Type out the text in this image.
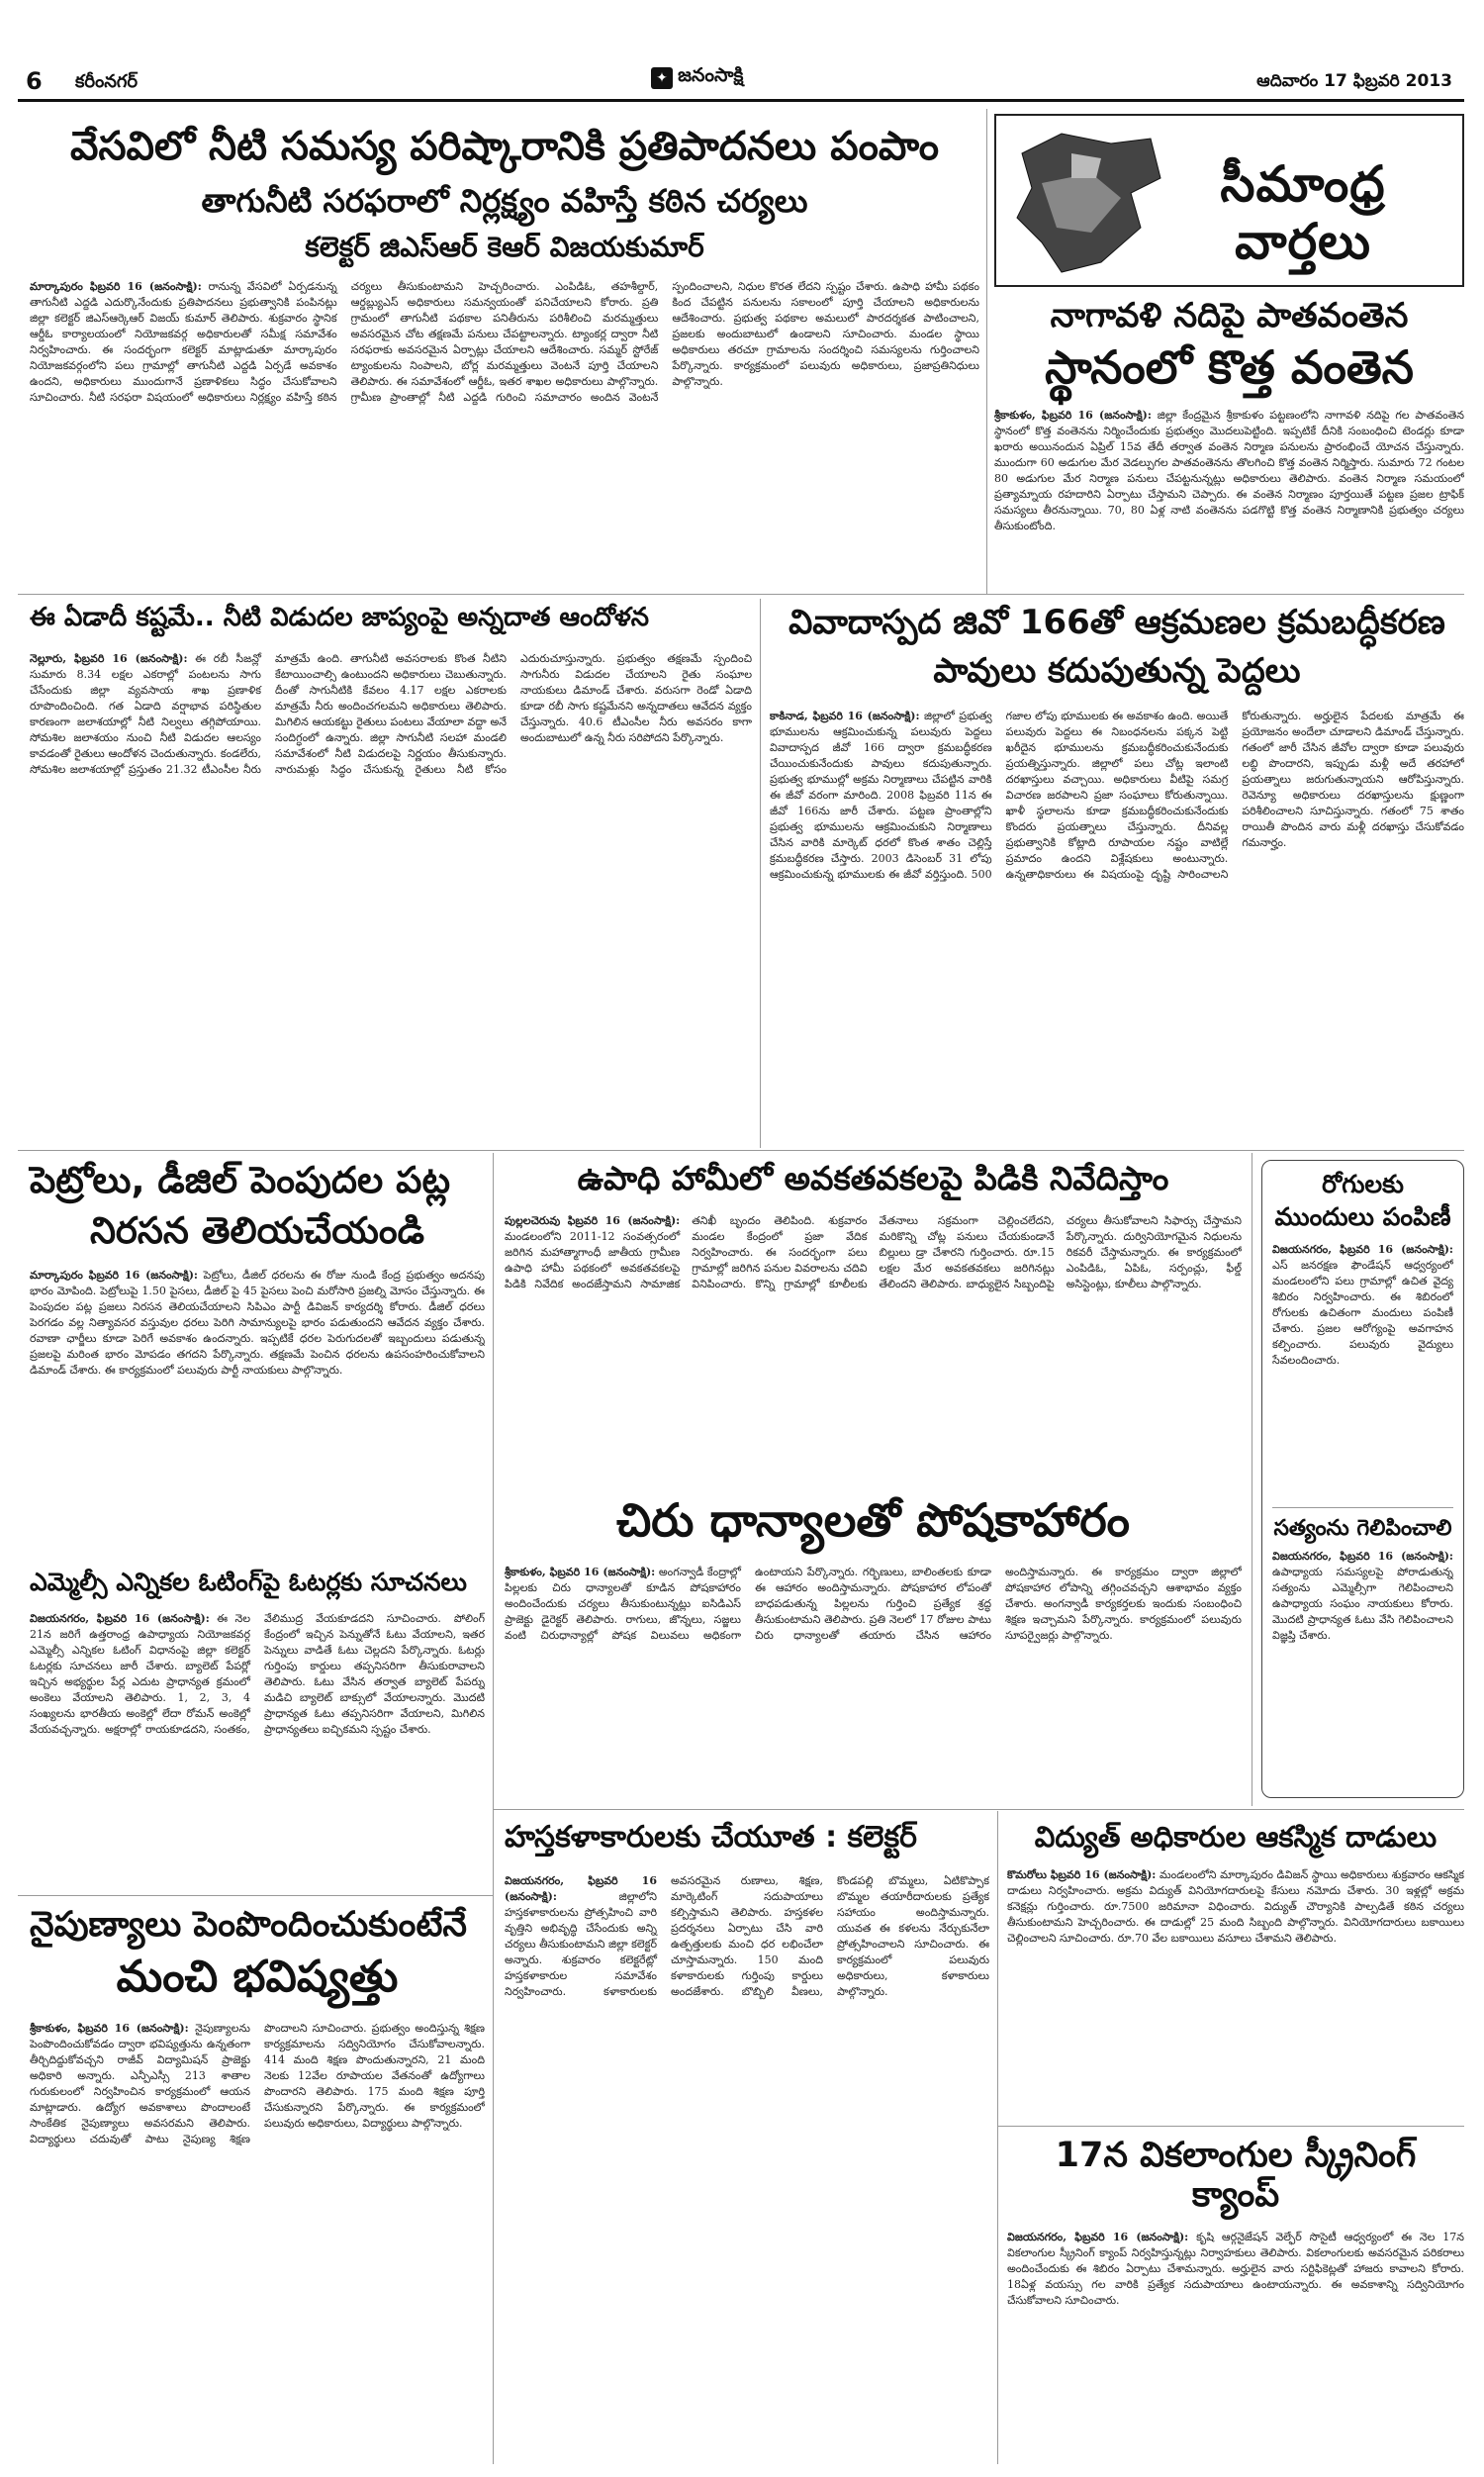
6 కరీంనగర్	✦ జనంసాక్షి	ఆదివారం 17 ఫిబ్రవరి 2013
వేసవిలో నీటి సమస్య పరిష్కారానికి ప్రతిపాదనలు పంపాం
తాగునీటి సరఫరాలో నిర్లక్ష్యం వహిస్తే కఠిన చర్యలు
కలెక్టర్ జిఎస్ఆర్ కెఆర్ విజయకుమార్
మార్కాపురం ఫిబ్రవరి 16 (జనంసాక్షి): రానున్న వేసవిలో ఏర్పడనున్న తాగునీటి ఎద్దడి ఎదుర్కొనేందుకు ప్రతిపాదనలు ప్రభుత్వానికి పంపినట్లు జిల్లా కలెక్టర్ జిఎస్ఆర్కెఆర్ విజయ్ కుమార్ తెలిపారు. శుక్రవారం స్థానిక ఆర్డీఓ కార్యాలయంలో నియోజకవర్గ అధికారులతో సమీక్ష సమావేశం నిర్వహించారు. ఈ సందర్భంగా కలెక్టర్ మాట్లాడుతూ మార్కాపురం నియోజకవర్గంలోని పలు గ్రామాల్లో తాగునీటి ఎద్దడి ఏర్పడే అవకాశం ఉందని, అధికారులు ముందుగానే ప్రణాళికలు సిద్ధం చేసుకోవాలని సూచించారు. నీటి సరఫరా విషయంలో అధికారులు నిర్లక్ష్యం వహిస్తే కఠిన చర్యలు తీసుకుంటామని హెచ్చరించారు. ఎంపిడిఓ, తహశీల్దార్, ఆర్డబ్ల్యుఎస్ అధికారులు సమన్వయంతో పనిచేయాలని కోరారు. ప్రతి గ్రామంలో తాగునీటి పథకాల పనితీరును పరిశీలించి మరమ్మత్తులు అవసరమైన చోట తక్షణమే పనులు చేపట్టాలన్నారు. ట్యాంకర్ల ద్వారా నీటి సరఫరాకు అవసరమైన ఏర్పాట్లు చేయాలని ఆదేశించారు. సమ్మర్ స్టోరేజ్ ట్యాంకులను నింపాలని, బోర్ల మరమ్మత్తులు వెంటనే పూర్తి చేయాలని తెలిపారు. ఈ సమావేశంలో ఆర్డీఓ, ఇతర శాఖల అధికారులు పాల్గొన్నారు. గ్రామీణ ప్రాంతాల్లో నీటి ఎద్దడి గురించి సమాచారం అందిన వెంటనే స్పందించాలని, నిధుల కొరత లేదని స్పష్టం చేశారు. ఉపాధి హామీ పథకం కింద చేపట్టిన పనులను సకాలంలో పూర్తి చేయాలని అధికారులను ఆదేశించారు. ప్రభుత్వ పథకాల అమలులో పారదర్శకత పాటించాలని, ప్రజలకు అందుబాటులో ఉండాలని సూచించారు. మండల స్థాయి అధికారులు తరచూ గ్రామాలను సందర్శించి సమస్యలను గుర్తించాలని పేర్కొన్నారు. కార్యక్రమంలో పలువురు అధికారులు, ప్రజాప్రతినిధులు పాల్గొన్నారు.
సీమాంధ్ర వార్తలు
నాగావళి నదిపై పాతవంతెన
స్థానంలో కొత్త వంతెన
శ్రీకాకుళం, ఫిబ్రవరి 16 (జనంసాక్షి): జిల్లా కేంద్రమైన శ్రీకాకుళం పట్టణంలోని నాగావళి నదిపై గల పాతవంతెన స్థానంలో కొత్త వంతెనను నిర్మించేందుకు ప్రభుత్వం మొదలుపెట్టింది. ఇప్పటికే దీనికి సంబంధించి టెండర్లు కూడా ఖరారు అయినందున ఏప్రిల్ 15వ తేదీ తర్వాత వంతెన నిర్మాణ పనులను ప్రారంభించే యోచన చేస్తున్నారు. ముందుగా 60 అడుగుల మేర వెడల్పుగల పాతవంతెనను తొలగించి కొత్త వంతెన నిర్మిస్తారు. సుమారు 72 గంటల 80 అడుగుల మేర నిర్మాణ పనులు చేపట్టనున్నట్లు అధికారులు తెలిపారు. వంతెన నిర్మాణ సమయంలో ప్రత్యామ్నాయ రహదారిని ఏర్పాటు చేస్తామని చెప్పారు. ఈ వంతెన నిర్మాణం పూర్తయితే పట్టణ ప్రజల ట్రాఫిక్ సమస్యలు తీరనున్నాయి. 70, 80 ఏళ్ల నాటి వంతెనను పడగొట్టి కొత్త వంతెన నిర్మాణానికి ప్రభుత్వం చర్యలు తీసుకుంటోంది.
ఈ ఏడాదీ కష్టమే.. నీటి విడుదల జాప్యంపై అన్నదాత ఆందోళన
నెల్లూరు, ఫిబ్రవరి 16 (జనంసాక్షి): ఈ రబీ సీజన్లో సుమారు 8.34 లక్షల ఎకరాల్లో పంటలను సాగు చేసేందుకు జిల్లా వ్యవసాయ శాఖ ప్రణాళిక రూపొందించింది. గత ఏడాది వర్షాభావ పరిస్థితుల కారణంగా జలాశయాల్లో నీటి నిల్వలు తగ్గిపోయాయి. సోమశిల జలాశయం నుంచి నీటి విడుదల ఆలస్యం కావడంతో రైతులు ఆందోళన చెందుతున్నారు. కండలేరు, సోమశిల జలాశయాల్లో ప్రస్తుతం 21.32 టీఎంసీల నీరు మాత్రమే ఉంది. తాగునీటి అవసరాలకు కొంత నీటిని కేటాయించాల్సి ఉంటుందని అధికారులు చెబుతున్నారు. దీంతో సాగునీటికి కేవలం 4.17 లక్షల ఎకరాలకు మాత్రమే నీరు అందించగలమని అధికారులు తెలిపారు. మిగిలిన ఆయకట్టు రైతులు పంటలు వేయాలా వద్దా అనే సందిగ్ధంలో ఉన్నారు. జిల్లా సాగునీటి సలహా మండలి సమావేశంలో నీటి విడుదలపై నిర్ణయం తీసుకున్నారు. నారుమళ్లు సిద్ధం చేసుకున్న రైతులు నీటి కోసం ఎదురుచూస్తున్నారు. ప్రభుత్వం తక్షణమే స్పందించి సాగునీరు విడుదల చేయాలని రైతు సంఘాల నాయకులు డిమాండ్ చేశారు. వరుసగా రెండో ఏడాది కూడా రబీ సాగు కష్టమేనని అన్నదాతలు ఆవేదన వ్యక్తం చేస్తున్నారు. 40.6 టీఎంసీల నీరు అవసరం కాగా అందుబాటులో ఉన్న నీరు సరిపోదని పేర్కొన్నారు.
వివాదాస్పద జివో 166తో ఆక్రమణల క్రమబద్ధీకరణ
పావులు కదుపుతున్న పెద్దలు
కాకినాడ, ఫిబ్రవరి 16 (జనంసాక్షి): జిల్లాలో ప్రభుత్వ భూములను ఆక్రమించుకున్న పలువురు పెద్దలు వివాదాస్పద జీవో 166 ద్వారా క్రమబద్ధీకరణ చేయించుకునేందుకు పావులు కదుపుతున్నారు. ప్రభుత్వ భూముల్లో అక్రమ నిర్మాణాలు చేపట్టిన వారికి ఈ జీవో వరంగా మారింది. 2008 ఫిబ్రవరి 11న ఈ జీవో 166ను జారీ చేశారు. పట్టణ ప్రాంతాల్లోని ప్రభుత్వ భూములను ఆక్రమించుకుని నిర్మాణాలు చేసిన వారికి మార్కెట్ ధరలో కొంత శాతం చెల్లిస్తే క్రమబద్ధీకరణ చేస్తారు. 2003 డిసెంబర్ 31 లోపు ఆక్రమించుకున్న భూములకు ఈ జీవో వర్తిస్తుంది. 500 గజాల లోపు భూములకు ఈ అవకాశం ఉంది. అయితే పలువురు పెద్దలు ఈ నిబంధనలను పక్కన పెట్టి ఖరీదైన భూములను క్రమబద్ధీకరించుకునేందుకు ప్రయత్నిస్తున్నారు. జిల్లాలో పలు చోట్ల ఇలాంటి దరఖాస్తులు వచ్చాయి. అధికారులు వీటిపై సమగ్ర విచారణ జరపాలని ప్రజా సంఘాలు కోరుతున్నాయి. ఖాళీ స్థలాలను కూడా క్రమబద్ధీకరించుకునేందుకు కొందరు ప్రయత్నాలు చేస్తున్నారు. దీనివల్ల ప్రభుత్వానికి కోట్లాది రూపాయల నష్టం వాటిల్లే ప్రమాదం ఉందని విశ్లేషకులు అంటున్నారు. ఉన్నతాధికారులు ఈ విషయంపై దృష్టి సారించాలని కోరుతున్నారు. అర్హులైన పేదలకు మాత్రమే ఈ ప్రయోజనం అందేలా చూడాలని డిమాండ్ చేస్తున్నారు. గతంలో జారీ చేసిన జీవోల ద్వారా కూడా పలువురు లబ్ధి పొందారని, ఇప్పుడు మళ్లీ అదే తరహాలో ప్రయత్నాలు జరుగుతున్నాయని ఆరోపిస్తున్నారు. రెవెన్యూ అధికారులు దరఖాస్తులను క్షుణ్ణంగా పరిశీలించాలని సూచిస్తున్నారు. గతంలో 75 శాతం రాయితీ పొందిన వారు మళ్లీ దరఖాస్తు చేసుకోవడం గమనార్హం.
పెట్రోలు, డీజిల్ పెంపుదల పట్ల
నిరసన తెలియచేయండి
మార్కాపురం ఫిబ్రవరి 16 (జనంసాక్షి): పెట్రోలు, డీజిల్ ధరలను ఈ రోజు నుండి కేంద్ర ప్రభుత్వం అదనపు భారం మోపింది. పెట్రోలుపై 1.50 పైసలు, డీజిల్ పై 45 పైసలు పెంచి మరోసారి ప్రజల్ని మోసం చేస్తున్నారు. ఈ పెంపుదల పట్ల ప్రజలు నిరసన తెలియచేయాలని సిపిఎం పార్టీ డివిజన్ కార్యదర్శి కోరారు. డీజిల్ ధరలు పెరగడం వల్ల నిత్యావసర వస్తువుల ధరలు పెరిగి సామాన్యులపై భారం పడుతుందని ఆవేదన వ్యక్తం చేశారు. రవాణా ఛార్జీలు కూడా పెరిగే అవకాశం ఉందన్నారు. ఇప్పటికే ధరల పెరుగుదలతో ఇబ్బందులు పడుతున్న ప్రజలపై మరింత భారం మోపడం తగదని పేర్కొన్నారు. తక్షణమే పెంచిన ధరలను ఉపసంహరించుకోవాలని డిమాండ్ చేశారు. ఈ కార్యక్రమంలో పలువురు పార్టీ నాయకులు పాల్గొన్నారు.
ఎమ్మెల్సీ ఎన్నికల ఓటింగ్‌పై ఓటర్లకు సూచనలు
విజయనగరం, ఫిబ్రవరి 16 (జనంసాక్షి): ఈ నెల 21న జరిగే ఉత్తరాంధ్ర ఉపాధ్యాయ నియోజకవర్గ ఎమ్మెల్సీ ఎన్నికల ఓటింగ్ విధానంపై జిల్లా కలెక్టర్ ఓటర్లకు సూచనలు జారీ చేశారు. బ్యాలెట్ పేపర్లో ఇచ్చిన అభ్యర్థుల పేర్ల ఎదుట ప్రాధాన్యత క్రమంలో అంకెలు వేయాలని తెలిపారు. 1, 2, 3, 4 సంఖ్యలను భారతీయ అంకెల్లో లేదా రోమన్ అంకెల్లో వేయవచ్చన్నారు. అక్షరాల్లో రాయకూడదని, సంతకం, వేలిముద్ర వేయకూడదని సూచించారు. పోలింగ్ కేంద్రంలో ఇచ్చిన పెన్నుతోనే ఓటు వేయాలని, ఇతర పెన్నులు వాడితే ఓటు చెల్లదని పేర్కొన్నారు. ఓటర్లు గుర్తింపు కార్డులు తప్పనిసరిగా తీసుకురావాలని తెలిపారు. ఓటు వేసిన తర్వాత బ్యాలెట్ పేపర్ను మడిచి బ్యాలెట్ బాక్సులో వేయాలన్నారు. మొదటి ప్రాధాన్యత ఓటు తప్పనిసరిగా వేయాలని, మిగిలిన ప్రాధాన్యతలు ఐచ్ఛికమని స్పష్టం చేశారు.
నైపుణ్యాలు పెంపొందించుకుంటేనే
మంచి భవిష్యత్తు
శ్రీకాకుళం, ఫిబ్రవరి 16 (జనంసాక్షి): నైపుణ్యాలను పెంపొందించుకోవడం ద్వారా భవిష్యత్తును ఉన్నతంగా తీర్చిదిద్దుకోవచ్చని రాజీవ్ విద్యామిషన్ ప్రాజెక్టు అధికారి అన్నారు. ఎన్పీఎస్సీ 213 శాతాల గురుకులంలో నిర్వహించిన కార్యక్రమంలో ఆయన మాట్లాడారు. ఉద్యోగ అవకాశాలు పొందాలంటే సాంకేతిక నైపుణ్యాలు అవసరమని తెలిపారు. విద్యార్థులు చదువుతో పాటు నైపుణ్య శిక్షణ పొందాలని సూచించారు. ప్రభుత్వం అందిస్తున్న శిక్షణ కార్యక్రమాలను సద్వినియోగం చేసుకోవాలన్నారు. 414 మంది శిక్షణ పొందుతున్నారని, 21 మంది నెలకు 12వేల రూపాయల వేతనంతో ఉద్యోగాలు పొందారని తెలిపారు. 175 మంది శిక్షణ పూర్తి చేసుకున్నారని పేర్కొన్నారు. ఈ కార్యక్రమంలో పలువురు అధికారులు, విద్యార్థులు పాల్గొన్నారు.
ఉపాధి హామీలో అవకతవకలపై పిడికి నివేదిస్తాం
పుల్లలచెరువు ఫిబ్రవరి 16 (జనంసాక్షి): మండలంలోని 2011-12 సంవత్సరంలో జరిగిన మహాత్మాగాంధీ జాతీయ గ్రామీణ ఉపాధి హామీ పథకంలో అవకతవకలపై పిడికి నివేదిక అందజేస్తామని సామాజిక తనిఖీ బృందం తెలిపింది. శుక్రవారం మండల కేంద్రంలో ప్రజా వేదిక నిర్వహించారు. ఈ సందర్భంగా పలు గ్రామాల్లో జరిగిన పనుల వివరాలను చదివి వినిపించారు. కొన్ని గ్రామాల్లో కూలీలకు వేతనాలు సక్రమంగా చెల్లించలేదని, మరికొన్ని చోట్ల పనులు చేయకుండానే బిల్లులు డ్రా చేశారని గుర్తించారు. రూ.15 లక్షల మేర అవకతవకలు జరిగినట్లు తేలిందని తెలిపారు. బాధ్యులైన సిబ్బందిపై చర్యలు తీసుకోవాలని సిఫార్సు చేస్తామని పేర్కొన్నారు. దుర్వినియోగమైన నిధులను రికవరీ చేస్తామన్నారు. ఈ కార్యక్రమంలో ఎంపిడిఓ, ఏపిఓ, సర్పంచ్లు, ఫీల్డ్ అసిస్టెంట్లు, కూలీలు పాల్గొన్నారు.
చిరు ధాన్యాలతో పోషకాహారం
శ్రీకాకుళం, ఫిబ్రవరి 16 (జనంసాక్షి): అంగన్వాడీ కేంద్రాల్లో పిల్లలకు చిరు ధాన్యాలతో కూడిన పోషకాహారం అందించేందుకు చర్యలు తీసుకుంటున్నట్లు ఐసిడిఎస్ ప్రాజెక్టు డైరెక్టర్ తెలిపారు. రాగులు, జొన్నలు, సజ్జలు వంటి చిరుధాన్యాల్లో పోషక విలువలు అధికంగా ఉంటాయని పేర్కొన్నారు. గర్భిణులు, బాలింతలకు కూడా ఈ ఆహారం అందిస్తామన్నారు. పోషకాహార లోపంతో బాధపడుతున్న పిల్లలను గుర్తించి ప్రత్యేక శ్రద్ధ తీసుకుంటామని తెలిపారు. ప్రతి నెలలో 17 రోజుల పాటు చిరు ధాన్యాలతో తయారు చేసిన ఆహారం అందిస్తామన్నారు. ఈ కార్యక్రమం ద్వారా జిల్లాలో పోషకాహార లోపాన్ని తగ్గించవచ్చని ఆశాభావం వ్యక్తం చేశారు. అంగన్వాడీ కార్యకర్తలకు ఇందుకు సంబంధించి శిక్షణ ఇచ్చామని పేర్కొన్నారు. కార్యక్రమంలో పలువురు సూపర్వైజర్లు పాల్గొన్నారు.
రోగులకు
ముందులు పంపిణీ
విజయనగరం, ఫిబ్రవరి 16 (జనంసాక్షి): ఎస్ జనరక్షణ ఫౌండేషన్ ఆధ్వర్యంలో మండలంలోని పలు గ్రామాల్లో ఉచిత వైద్య శిబిరం నిర్వహించారు. ఈ శిబిరంలో రోగులకు ఉచితంగా మందులు పంపిణీ చేశారు. ప్రజల ఆరోగ్యంపై అవగాహన కల్పించారు. పలువురు వైద్యులు సేవలందించారు.
సత్యంను గెలిపించాలి
విజయనగరం, ఫిబ్రవరి 16 (జనంసాక్షి): ఉపాధ్యాయ సమస్యలపై పోరాడుతున్న సత్యంను ఎమ్మెల్సీగా గెలిపించాలని ఉపాధ్యాయ సంఘం నాయకులు కోరారు. మొదటి ప్రాధాన్యత ఓటు వేసి గెలిపించాలని విజ్ఞప్తి చేశారు.
హస్తకళాకారులకు చేయూత : కలెక్టర్
విజయనగరం, ఫిబ్రవరి 16 (జనంసాక్షి):	జిల్లాలోని హస్తకళాకారులను ప్రోత్సహించి వారి వృత్తిని అభివృద్ధి చేసేందుకు అన్ని చర్యలు తీసుకుంటామని జిల్లా కలెక్టర్ అన్నారు. శుక్రవారం కలెక్టరేట్లో హస్తకళాకారుల సమావేశం నిర్వహించారు. కళాకారులకు అవసరమైన రుణాలు, శిక్షణ, మార్కెటింగ్ సదుపాయాలు కల్పిస్తామని తెలిపారు. హస్తకళల ప్రదర్శనలు ఏర్పాటు చేసి వారి ఉత్పత్తులకు మంచి ధర లభించేలా చూస్తామన్నారు. 150 మంది కళాకారులకు గుర్తింపు కార్డులు అందజేశారు. బొబ్బిలి వీణలు, కొండపల్లి బొమ్మలు, ఏటికొప్పాక బొమ్మల తయారీదారులకు ప్రత్యేక సహాయం అందిస్తామన్నారు. యువత ఈ కళలను నేర్చుకునేలా ప్రోత్సహించాలని సూచించారు. ఈ కార్యక్రమంలో పలువురు అధికారులు, కళాకారులు పాల్గొన్నారు.
విద్యుత్ అధికారుల ఆకస్మిక దాడులు
కొమరోలు ఫిబ్రవరి 16 (జనంసాక్షి): మండలంలోని మార్కాపురం డివిజన్ స్థాయి అధికారులు శుక్రవారం ఆకస్మిక దాడులు నిర్వహించారు. అక్రమ విద్యుత్ వినియోగదారులపై కేసులు నమోదు చేశారు. 30 ఇళ్లల్లో అక్రమ కనెక్షన్లు గుర్తించారు. రూ.7500 జరిమానా విధించారు. విద్యుత్ చౌర్యానికి పాల్పడితే కఠిన చర్యలు తీసుకుంటామని హెచ్చరించారు. ఈ దాడుల్లో 25 మంది సిబ్బంది పాల్గొన్నారు. వినియోగదారులు బకాయిలు చెల్లించాలని సూచించారు. రూ.70 వేల బకాయిలు వసూలు చేశామని తెలిపారు.
17న వికలాంగుల స్క్రీనింగ్ క్యాంప్
విజయనగరం, ఫిబ్రవరి 16 (జనంసాక్షి): కృషి ఆర్గనైజేషన్ వెల్ఫేర్ సొసైటీ ఆధ్వర్యంలో ఈ నెల 17న వికలాంగుల స్క్రీనింగ్ క్యాంప్ నిర్వహిస్తున్నట్లు నిర్వాహకులు తెలిపారు. వికలాంగులకు అవసరమైన పరికరాలు అందించేందుకు ఈ శిబిరం ఏర్పాటు చేశామన్నారు. అర్హులైన వారు సర్టిఫికెట్లతో హాజరు కావాలని కోరారు. 18ఏళ్ల వయస్సు గల వారికి ప్రత్యేక సదుపాయాలు ఉంటాయన్నారు. ఈ అవకాశాన్ని సద్వినియోగం చేసుకోవాలని సూచించారు.
